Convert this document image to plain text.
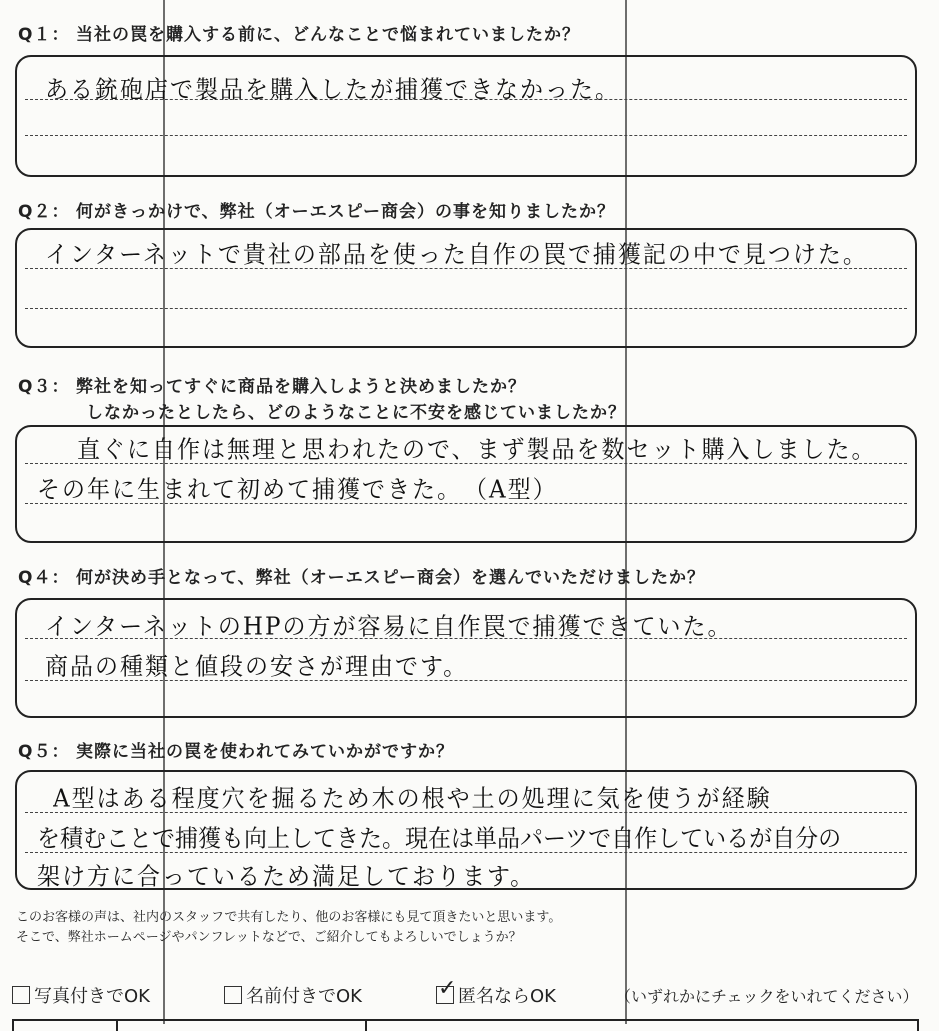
Q１： 当社の罠を購入する前に、どんなことで悩まれていましたか？
ある銃砲店で製品を購入したが捕獲できなかった。
Q２： 何がきっかけで、弊社（オーエスピー商会）の事を知りましたか？
インターネットで貴社の部品を使った自作の罠で捕獲記の中で見つけた。
Q３： 弊社を知ってすぐに商品を購入しようと決めましたか？
しなかったとしたら、どのようなことに不安を感じていましたか？
直ぐに自作は無理と思われたので、まず製品を数セット購入しました。
その年に生まれて初めて捕獲できた。　（A型）
Q４： 何が決め手となって、弊社（オーエスピー商会）を選んでいただけましたか？
インターネットのHPの方が容易に自作罠で捕獲できていた。
商品の種類と値段の安さが理由です。
Q５： 実際に当社の罠を使われてみていかがですか？
A型はある程度穴を掘るため木の根や土の処理に気を使うが経験
を積むことで捕獲も向上してきた。現在は単品パーツで自作しているが自分の
架け方に合っているため満足しております。
このお客様の声は、社内のスタッフで共有したり、他のお客様にも見て頂きたいと思います。
そこで、弊社ホームページやパンフレットなどで、ご紹介してもよろしいでしょうか？
写真付きでOK	名前付きでOK	✓ 匿名ならOK	（いずれかにチェックをいれてください）
